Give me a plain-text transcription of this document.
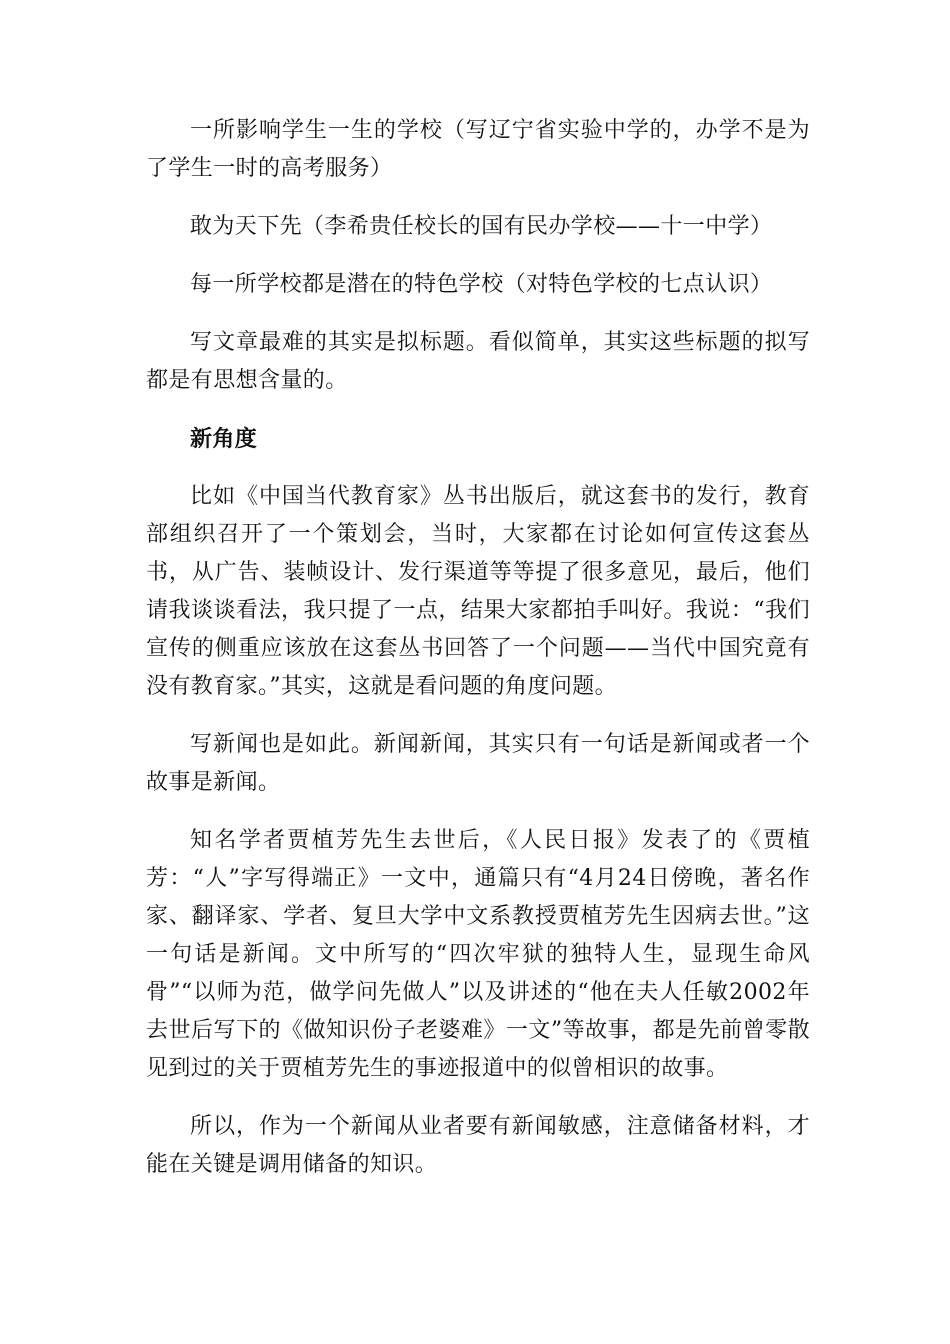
一所影响学生一生的学校（写辽宁省实验中学的，办学不是为了学生一时的高考服务）

敢为天下先（李希贵任校长的国有民办学校——十一中学）

每一所学校都是潜在的特色学校（对特色学校的七点认识）

写文章最难的其实是拟标题。看似简单，其实这些标题的拟写都是有思想含量的。

新角度

比如《中国当代教育家》丛书出版后，就这套书的发行，教育部组织召开了一个策划会，当时，大家都在讨论如何宣传这套丛书，从广告、装帧设计、发行渠道等等提了很多意见，最后，他们请我谈谈看法，我只提了一点，结果大家都拍手叫好。我说：“我们宣传的侧重应该放在这套丛书回答了一个问题——当代中国究竟有没有教育家。”其实，这就是看问题的角度问题。

写新闻也是如此。新闻新闻，其实只有一句话是新闻或者一个故事是新闻。

知名学者贾植芳先生去世后，《人民日报》发表了的《贾植芳：“人”字写得端正》一文中，通篇只有“4月24日傍晚，著名作家、翻译家、学者、复旦大学中文系教授贾植芳先生因病去世。”这一句话是新闻。文中所写的“四次牢狱的独特人生，显现生命风骨”“以师为范，做学问先做人”以及讲述的“他在夫人任敏2002年去世后写下的《做知识份子老婆难》一文”等故事，都是先前曾零散见到过的关于贾植芳先生的事迹报道中的似曾相识的故事。

所以，作为一个新闻从业者要有新闻敏感，注意储备材料，才能在关键是调用储备的知识。
